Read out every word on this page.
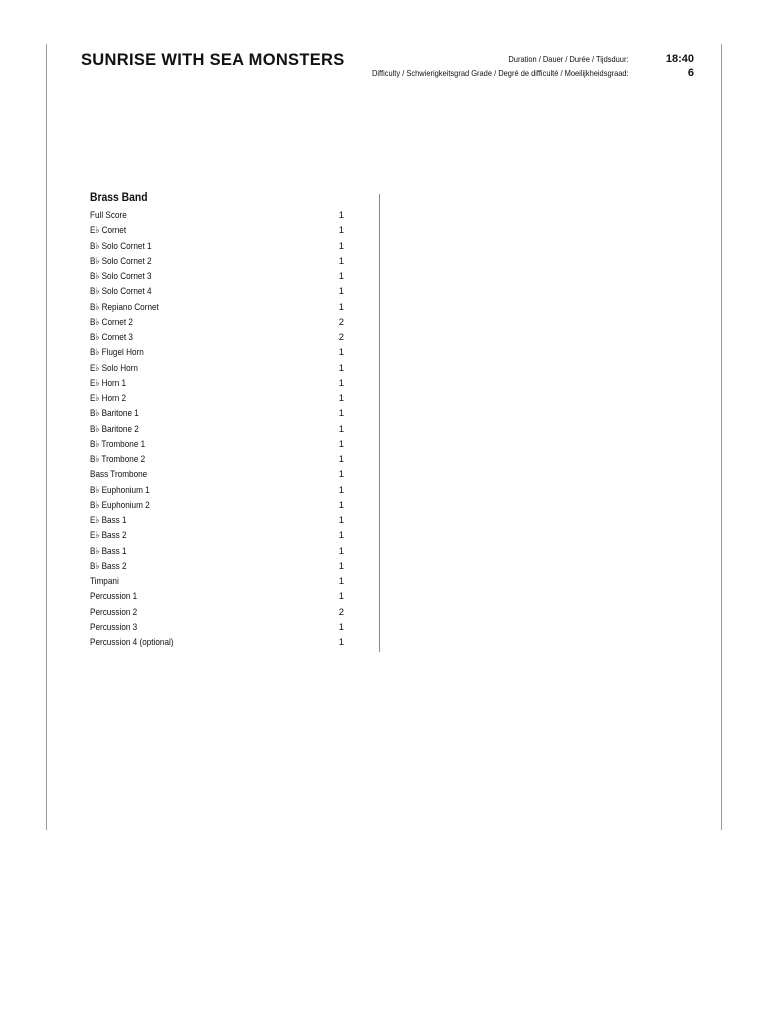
SUNRISE WITH SEA MONSTERS	Duration / Dauer / Durée / Tijdsduur:	18:40
Difficulty / Schwierigkeitsgrad Grade / Degré de difficulté / Moeilijkheidsgraad:	6
Brass Band
Full Score	1
E♭ Cornet	1
B♭ Solo Cornet 1	1
B♭ Solo Cornet 2	1
B♭ Solo Cornet 3	1
B♭ Solo Cornet 4	1
B♭ Repiano Cornet	1
B♭ Cornet 2	2
B♭ Cornet 3	2
B♭ Flugel Horn	1
E♭ Solo Horn	1
E♭ Horn 1	1
E♭ Horn 2	1
B♭ Baritone 1	1
B♭ Baritone 2	1
B♭ Trombone 1	1
B♭ Trombone 2	1
Bass Trombone	1
B♭ Euphonium 1	1
B♭ Euphonium 2	1
E♭ Bass 1	1
E♭ Bass 2	1
B♭ Bass 1	1
B♭ Bass 2	1
Timpani	1
Percussion 1	1
Percussion 2	2
Percussion 3	1
Percussion 4 (optional)	1
